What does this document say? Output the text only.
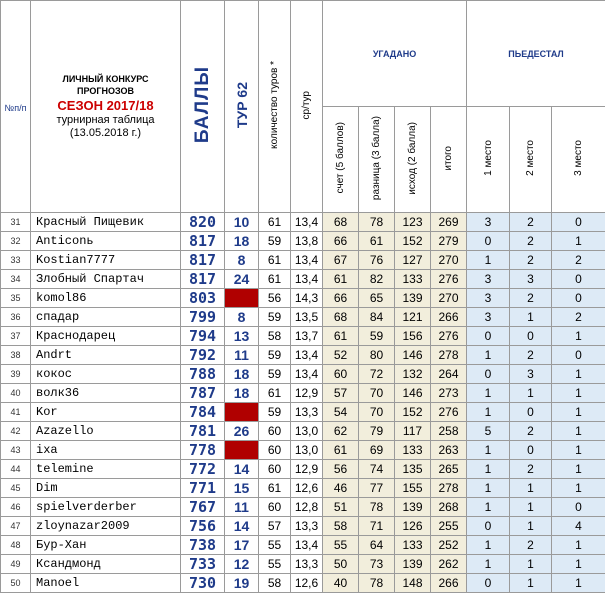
№п/п	ЛИЧНЫЙ КОНКУРС
ПРОГНОЗОВ
СЕЗОН 2017/18
турнирная таблица
(13.05.2018 г.)	БАЛЛЫ	ТУР 62	количество туров *	ср/тур	УГАДАНО				ПЬЕДЕСТАЛ		
						счет (5 баллов)	разница (3 балла)	исход (2 балла)	итого	1 место	2 место	3 место
31	Красный Пищевик	820	10	61	13,4	68	78	123	269	3	2	0
32	Anticonь	817	18	59	13,8	66	61	152	279	0	2	1
33	Kostian7777	817	8	61	13,4	67	76	127	270	1	2	2
34	Злобный Спартач	817	24	61	13,4	61	82	133	276	3	3	0
35	komol86	803		56	14,3	66	65	139	270	3	2	0
36	спадар	799	8	59	13,5	68	84	121	266	3	1	2
37	Краснодарец	794	13	58	13,7	61	59	156	276	0	0	1
38	Andrt	792	11	59	13,4	52	80	146	278	1	2	0
39	кокос	788	18	59	13,4	60	72	132	264	0	3	1
40	волк36	787	18	61	12,9	57	70	146	273	1	1	1
41	Kor	784		59	13,3	54	70	152	276	1	0	1
42	Azazello	781	26	60	13,0	62	79	117	258	5	2	1
43	ixa	778		60	13,0	61	69	133	263	1	0	1
44	telemine	772	14	60	12,9	56	74	135	265	1	2	1
45	Dim	771	15	61	12,6	46	77	155	278	1	1	1
46	spielverderber	767	11	60	12,8	51	78	139	268	1	1	0
47	zloynazar2009	756	14	57	13,3	58	71	126	255	0	1	4
48	Бур-Хан	738	17	55	13,4	55	64	133	252	1	2	1
49	Ксандмонд	733	12	55	13,3	50	73	139	262	1	1	1
50	Manoel	730	19	58	12,6	40	78	148	266	0	1	1
